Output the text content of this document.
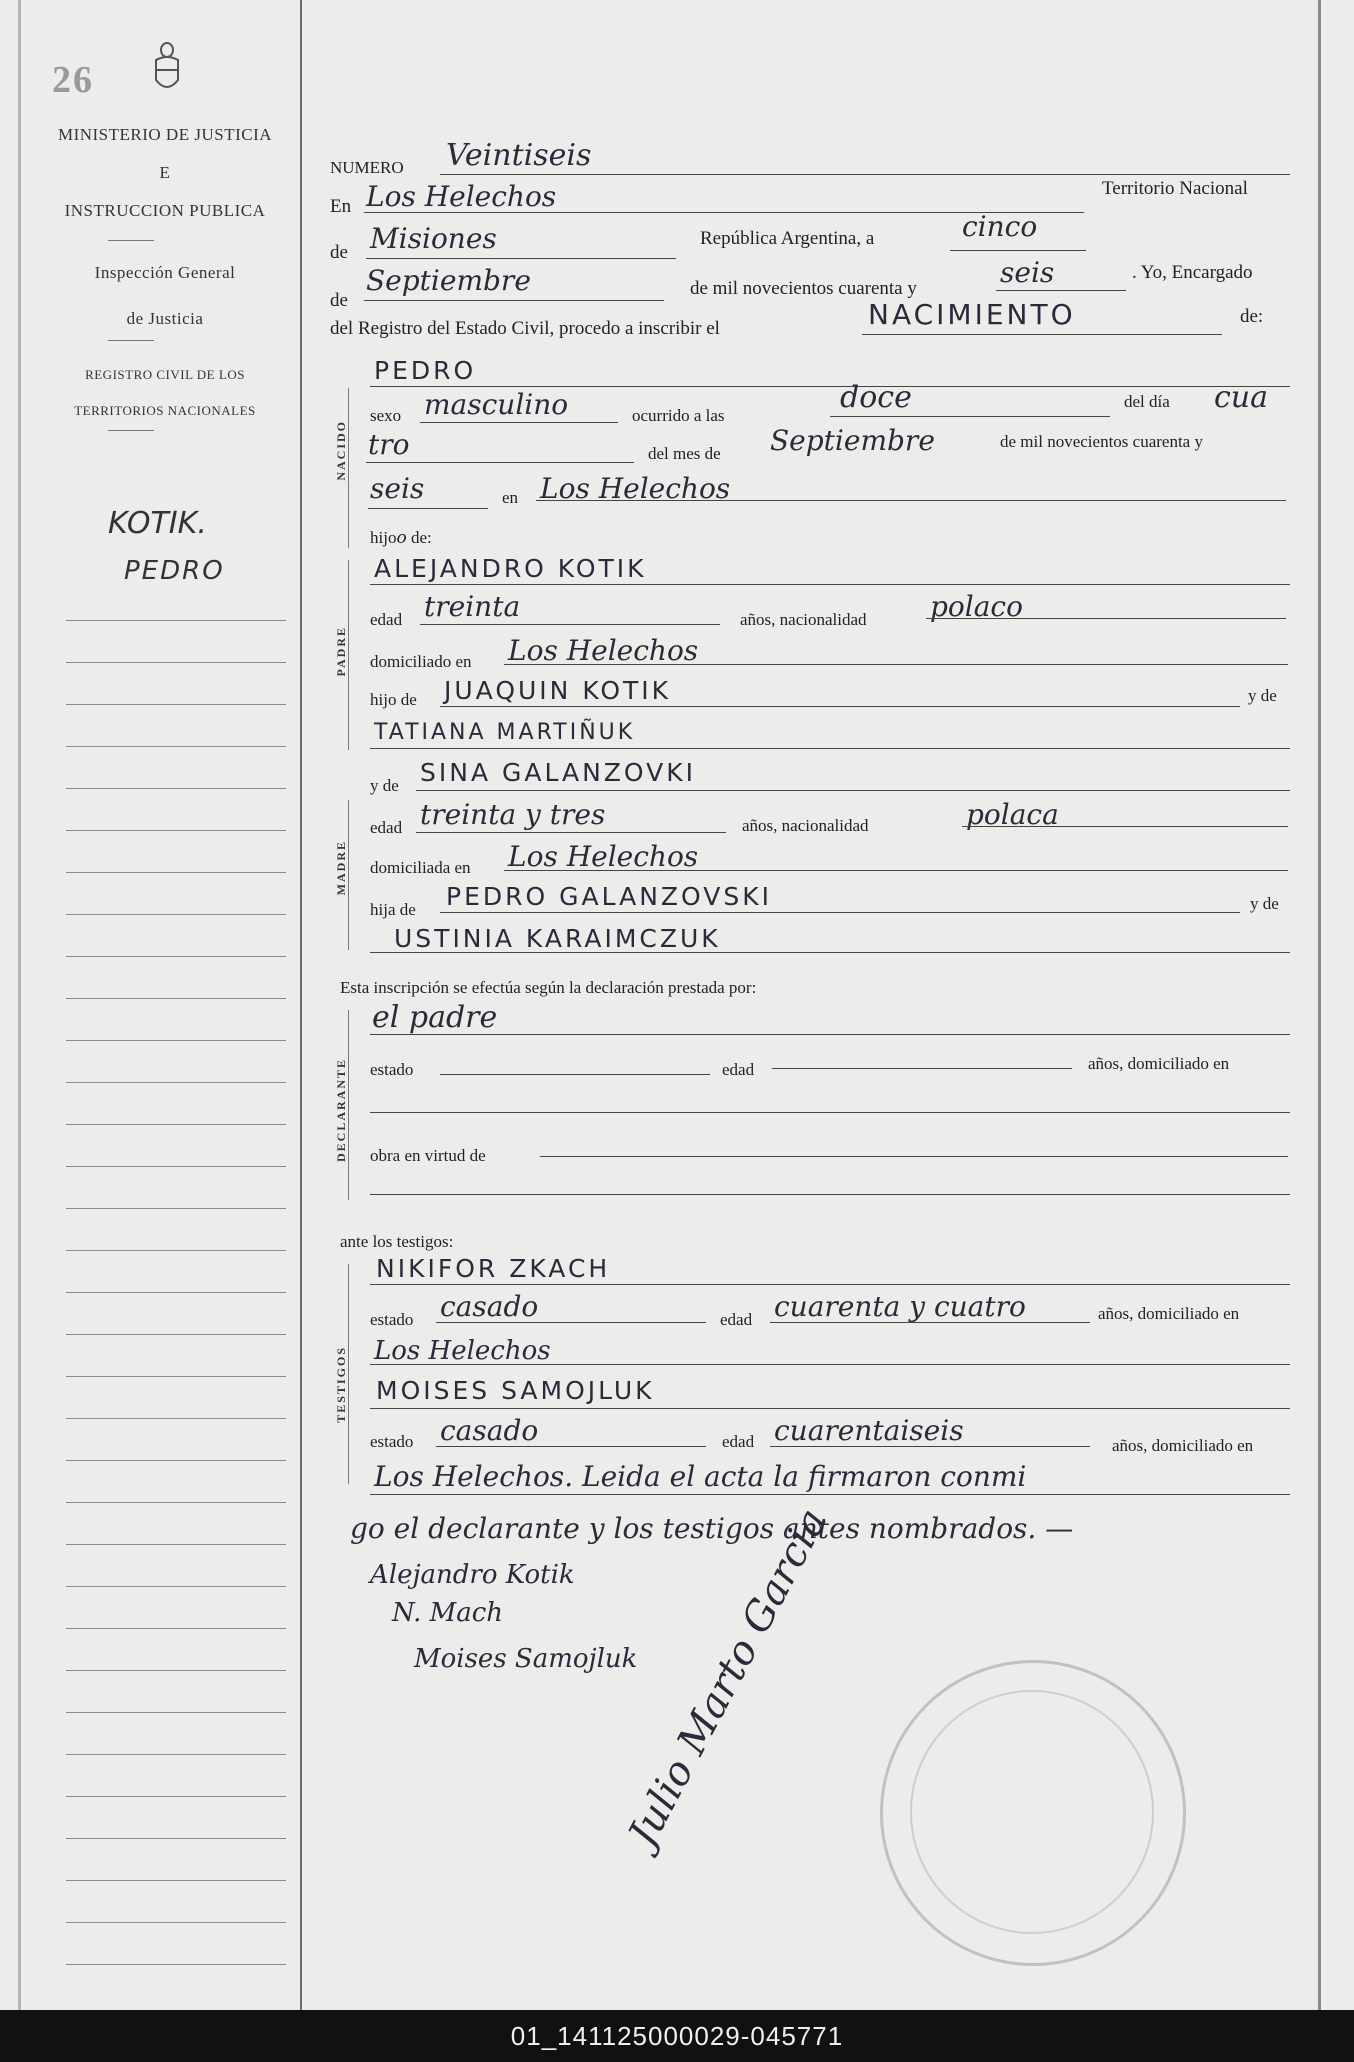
26
MINISTERIO DE JUSTICIA
E
INSTRUCCION PUBLICA
Inspección General
de Justicia
REGISTRO CIVIL DE LOS
TERRITORIOS NACIONALES
KOTIK.
PEDRO
NUMERO Veintiseis
En Los Helechos	Territorio Nacional
de Misiones	República Argentina, a	cinco
de
Septiembre	de mil novecientos cuarenta y	seis	. Yo, Encargado
del Registro del Estado Civil, procedo a inscribir el	NACIMIENTO	de:
NACIDO
PEDRO
sexo masculino	ocurrido a las
doce	del día cua
tro	del mes de Septiembre	de mil novecientos cuarenta y
seis	en Los Helechos
hijoo de:
PADRE
ALEJANDRO KOTIK
edad treinta	años, nacionalidad polaco
domiciliado en Los Helechos
hijo de JUAQUIN KOTIK	y de
TATIANA MARTIÑUK
y de SINA GALANZOVKI
MADRE
edad treinta y tres	años, nacionalidad	polaca
domiciliada en Los Helechos
hija de PEDRO GALANZOVSKI	y de
USTINIA KARAIMCZUK
Esta inscripción se efectúa según la declaración prestada por:
DECLARANTE
el padre
estado	edad	años, domiciliado en
obra en virtud de
ante los testigos:
TESTIGOS
NIKIFOR ZKACH
estado casado	edad cuarenta y cuatro	años, domiciliado en
Los Helechos
MOISES SAMOJLUK
estado casado	edad cuarentaiseis	años, domiciliado en
Los Helechos. Leida el acta la firmaron conmi
go el declarante y los testigos antes nombrados. —
Alejandro Kotik
N. Mach
Moises Samojluk
Julio Marto Garcia
01_141125000029-045771
